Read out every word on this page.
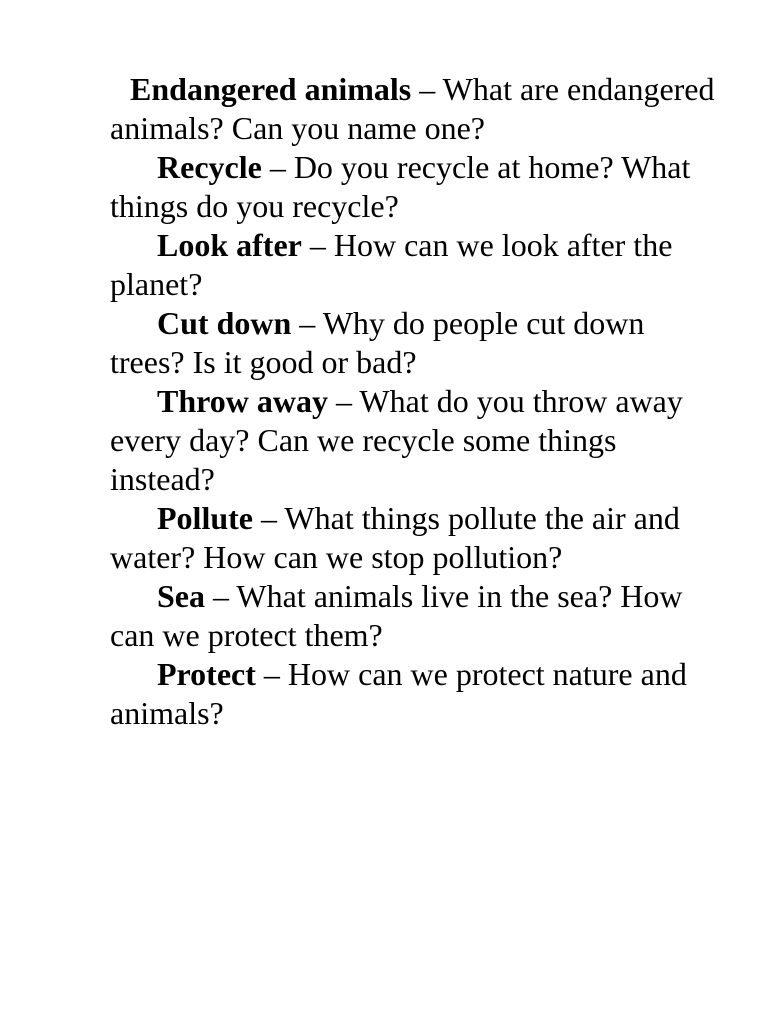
Endangered animals – What are endangered animals? Can you name one?

Recycle – Do you recycle at home? What things do you recycle?

Look after – How can we look after the planet?

Cut down – Why do people cut down trees? Is it good or bad?

Throw away – What do you throw away every day? Can we recycle some things instead?

Pollute – What things pollute the air and water? How can we stop pollution?

Sea – What animals live in the sea? How can we protect them?

Protect – How can we protect nature and animals?
